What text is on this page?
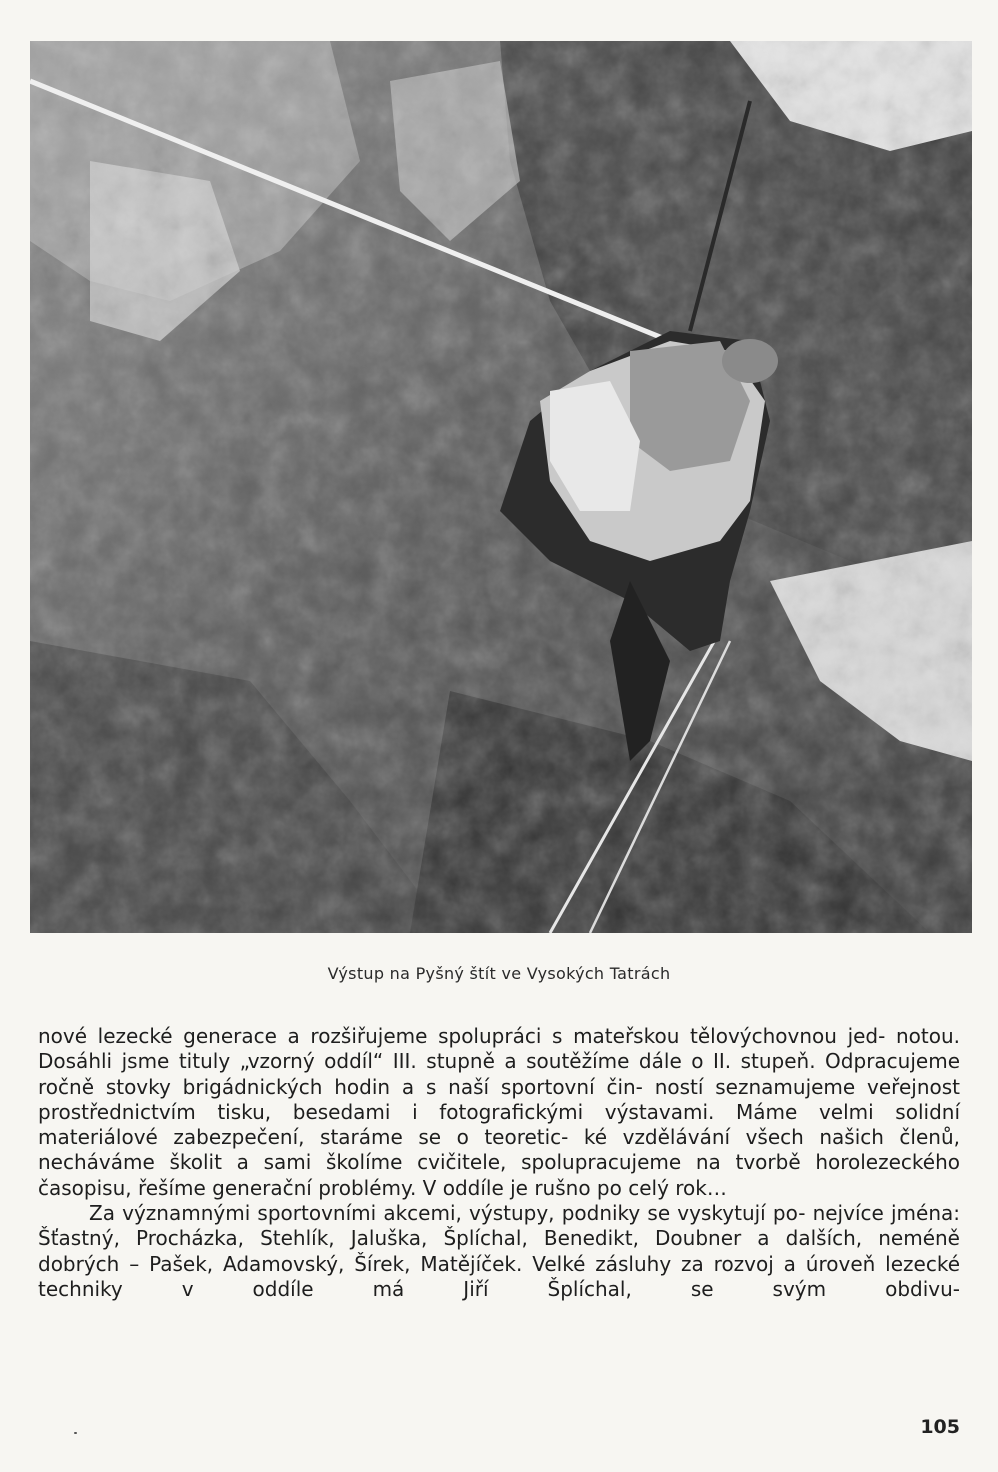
Výstup na Pyšný štít ve Vysokých Tatrách

nové lezecké generace a rozšiřujeme spolupráci s mateřskou tělovýchovnou jed- notou. Dosáhli jsme tituly „vzorný oddíl“ III. stupně a soutěžíme dále o II. stupeň. Odpracujeme ročně stovky brigádnických hodin a s naší sportovní čin- ností seznamujeme veřejnost prostřednictvím tisku, besedami i fotografickými výstavami. Máme velmi solidní materiálové zabezpečení, staráme se o teoretic- ké vzdělávání všech našich členů, necháváme školit a sami školíme cvičitele, spolupracujeme na tvorbě horolezeckého časopisu, řešíme generační problémy. V oddíle je rušno po celý rok…

Za významnými sportovními akcemi, výstupy, podniky se vyskytují po- nejvíce jména: Šťastný, Procházka, Stehlík, Jaluška, Šplíchal, Benedikt, Doubner a dalších, neméně dobrých – Pašek, Adamovský, Šírek, Matějíček. Velké zásluhy za rozvoj a úroveň lezecké techniky v oddíle má Jiří Šplíchal, se svým obdivu-

105
